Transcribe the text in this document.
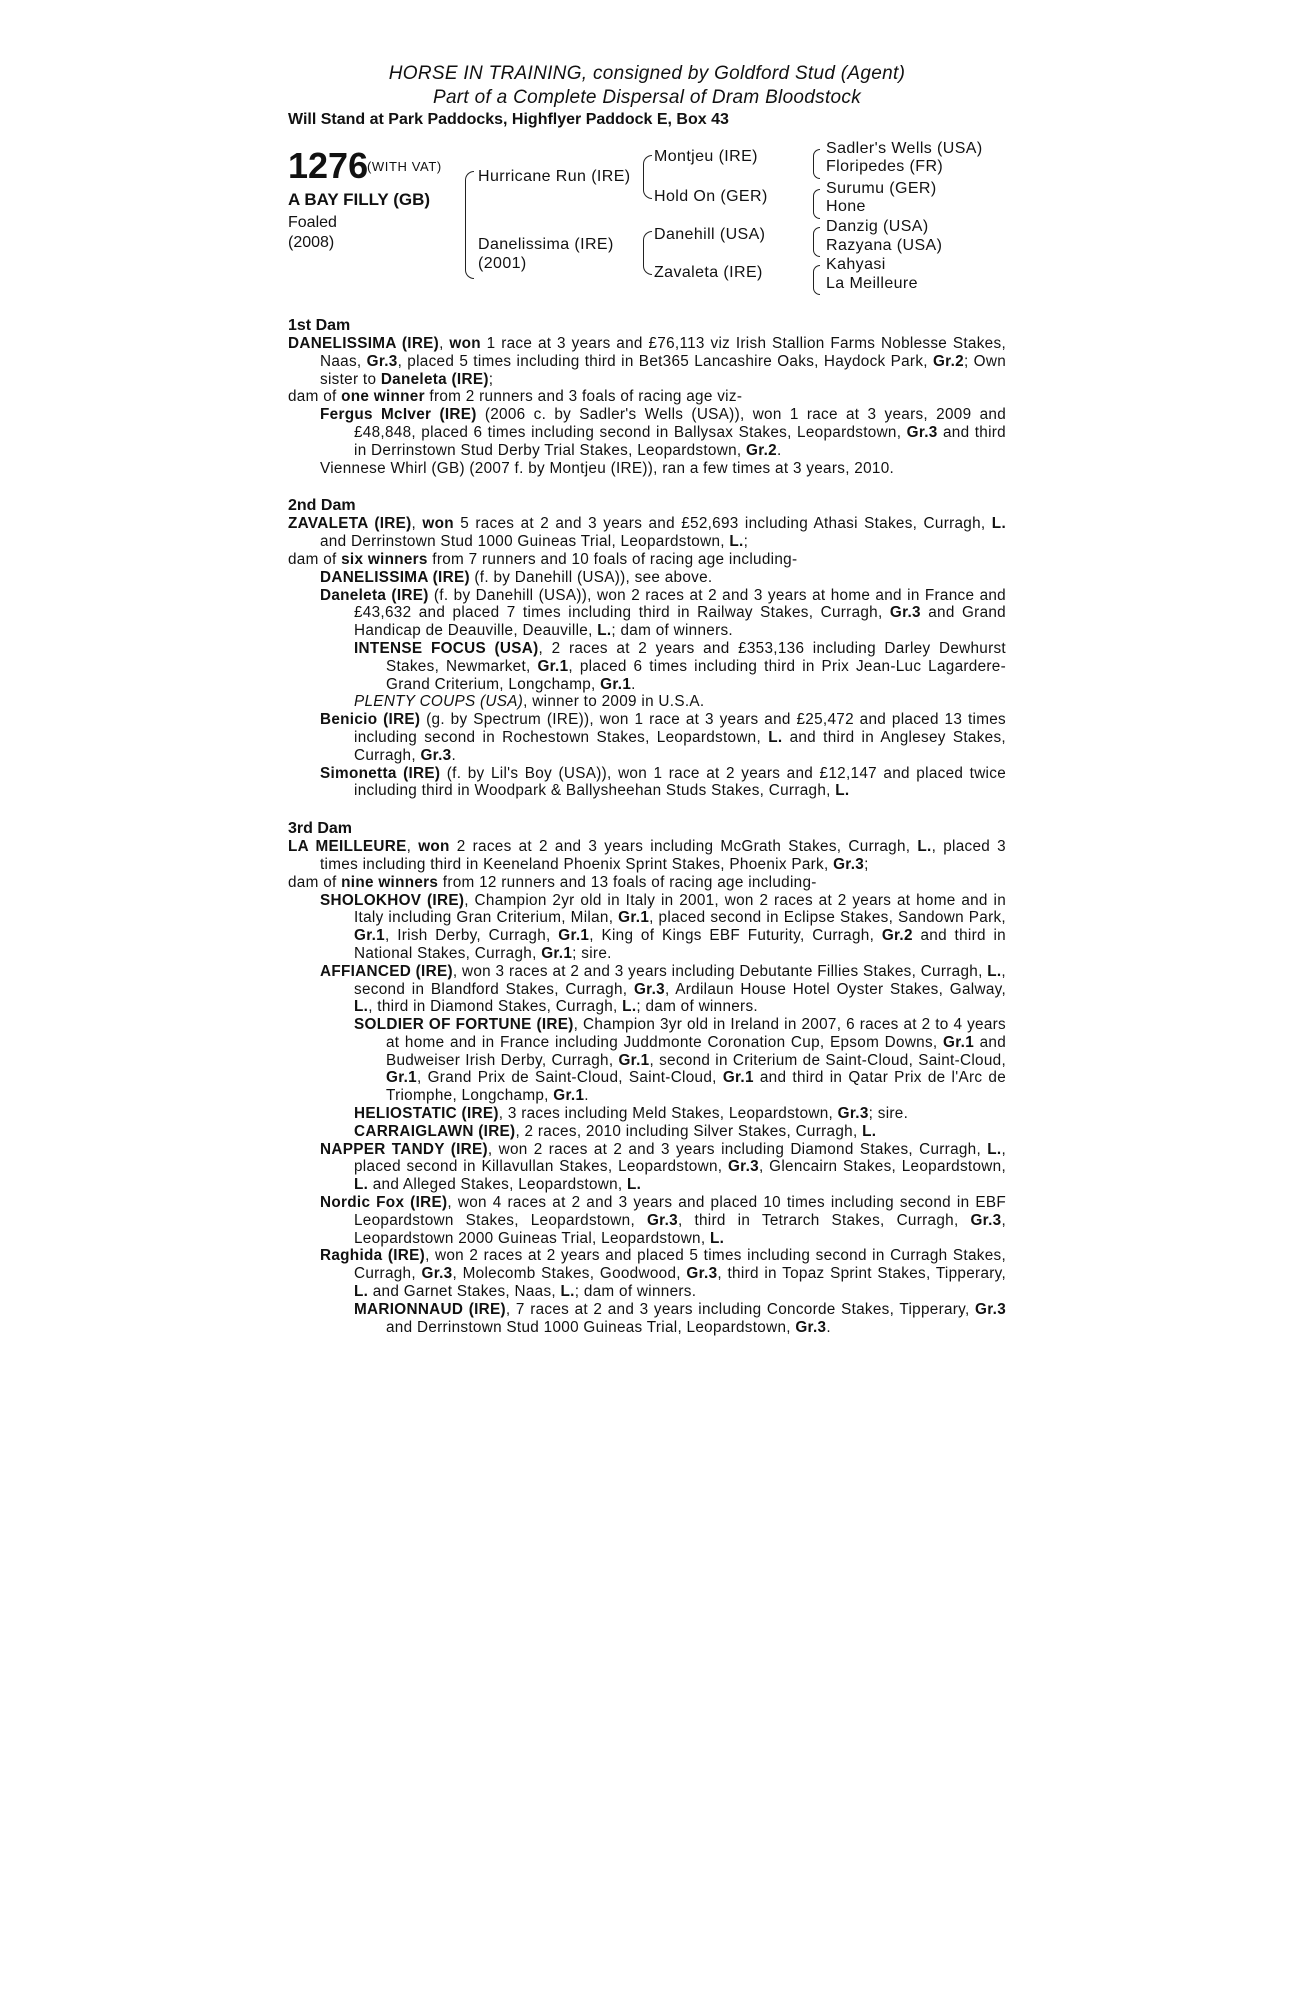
HORSE IN TRAINING, consigned by Goldford Stud (Agent)
Part of a Complete Dispersal of Dram Bloodstock
Will Stand at Park Paddocks, Highflyer Paddock E, Box 43
1276
(WITH VAT)
A BAY FILLY (GB)
Foaled
(2008)
Hurricane Run (IRE)
Danelissima (IRE)
(2001)
Montjeu (IRE)
Hold On (GER)
Danehill (USA)
Zavaleta (IRE)
Sadler's Wells (USA)
Floripedes (FR)
Surumu (GER)
Hone
Danzig (USA)
Razyana (USA)
Kahyasi
La Meilleure
1st Dam
DANELISSIMA (IRE), won 1 race at 3 years and £76,113 viz Irish Stallion Farms Noblesse Stakes, Naas, Gr.3, placed 5 times including third in Bet365 Lancashire Oaks, Haydock Park, Gr.2; Own sister to Daneleta (IRE);
dam of one winner from 2 runners and 3 foals of racing age viz-
Fergus McIver (IRE) (2006 c. by Sadler's Wells (USA)), won 1 race at 3 years, 2009 and £48,848, placed 6 times including second in Ballysax Stakes, Leopardstown, Gr.3 and third in Derrinstown Stud Derby Trial Stakes, Leopardstown, Gr.2.
Viennese Whirl (GB) (2007 f. by Montjeu (IRE)), ran a few times at 3 years, 2010.
2nd Dam
ZAVALETA (IRE), won 5 races at 2 and 3 years and £52,693 including Athasi Stakes, Curragh, L. and Derrinstown Stud 1000 Guineas Trial, Leopardstown, L.;
dam of six winners from 7 runners and 10 foals of racing age including-
DANELISSIMA (IRE) (f. by Danehill (USA)), see above.
Daneleta (IRE) (f. by Danehill (USA)), won 2 races at 2 and 3 years at home and in France and £43,632 and placed 7 times including third in Railway Stakes, Curragh, Gr.3 and Grand Handicap de Deauville, Deauville, L.; dam of winners.
INTENSE FOCUS (USA), 2 races at 2 years and £353,136 including Darley Dewhurst Stakes, Newmarket, Gr.1, placed 6 times including third in Prix Jean-Luc Lagardere-Grand Criterium, Longchamp, Gr.1.
PLENTY COUPS (USA), winner to 2009 in U.S.A.
Benicio (IRE) (g. by Spectrum (IRE)), won 1 race at 3 years and £25,472 and placed 13 times including second in Rochestown Stakes, Leopardstown, L. and third in Anglesey Stakes, Curragh, Gr.3.
Simonetta (IRE) (f. by Lil's Boy (USA)), won 1 race at 2 years and £12,147 and placed twice including third in Woodpark & Ballysheehan Studs Stakes, Curragh, L.
3rd Dam
LA MEILLEURE, won 2 races at 2 and 3 years including McGrath Stakes, Curragh, L., placed 3 times including third in Keeneland Phoenix Sprint Stakes, Phoenix Park, Gr.3;
dam of nine winners from 12 runners and 13 foals of racing age including-
SHOLOKHOV (IRE), Champion 2yr old in Italy in 2001, won 2 races at 2 years at home and in Italy including Gran Criterium, Milan, Gr.1, placed second in Eclipse Stakes, Sandown Park, Gr.1, Irish Derby, Curragh, Gr.1, King of Kings EBF Futurity, Curragh, Gr.2 and third in National Stakes, Curragh, Gr.1; sire.
AFFIANCED (IRE), won 3 races at 2 and 3 years including Debutante Fillies Stakes, Curragh, L., second in Blandford Stakes, Curragh, Gr.3, Ardilaun House Hotel Oyster Stakes, Galway, L., third in Diamond Stakes, Curragh, L.; dam of winners.
SOLDIER OF FORTUNE (IRE), Champion 3yr old in Ireland in 2007, 6 races at 2 to 4 years at home and in France including Juddmonte Coronation Cup, Epsom Downs, Gr.1 and Budweiser Irish Derby, Curragh, Gr.1, second in Criterium de Saint-Cloud, Saint-Cloud, Gr.1, Grand Prix de Saint-Cloud, Saint-Cloud, Gr.1 and third in Qatar Prix de l'Arc de Triomphe, Longchamp, Gr.1.
HELIOSTATIC (IRE), 3 races including Meld Stakes, Leopardstown, Gr.3; sire.
CARRAIGLAWN (IRE), 2 races, 2010 including Silver Stakes, Curragh, L.
NAPPER TANDY (IRE), won 2 races at 2 and 3 years including Diamond Stakes, Curragh, L., placed second in Killavullan Stakes, Leopardstown, Gr.3, Glencairn Stakes, Leopardstown, L. and Alleged Stakes, Leopardstown, L.
Nordic Fox (IRE), won 4 races at 2 and 3 years and placed 10 times including second in EBF Leopardstown Stakes, Leopardstown, Gr.3, third in Tetrarch Stakes, Curragh, Gr.3, Leopardstown 2000 Guineas Trial, Leopardstown, L.
Raghida (IRE), won 2 races at 2 years and placed 5 times including second in Curragh Stakes, Curragh, Gr.3, Molecomb Stakes, Goodwood, Gr.3, third in Topaz Sprint Stakes, Tipperary, L. and Garnet Stakes, Naas, L.; dam of winners.
MARIONNAUD (IRE), 7 races at 2 and 3 years including Concorde Stakes, Tipperary, Gr.3 and Derrinstown Stud 1000 Guineas Trial, Leopardstown, Gr.3.
